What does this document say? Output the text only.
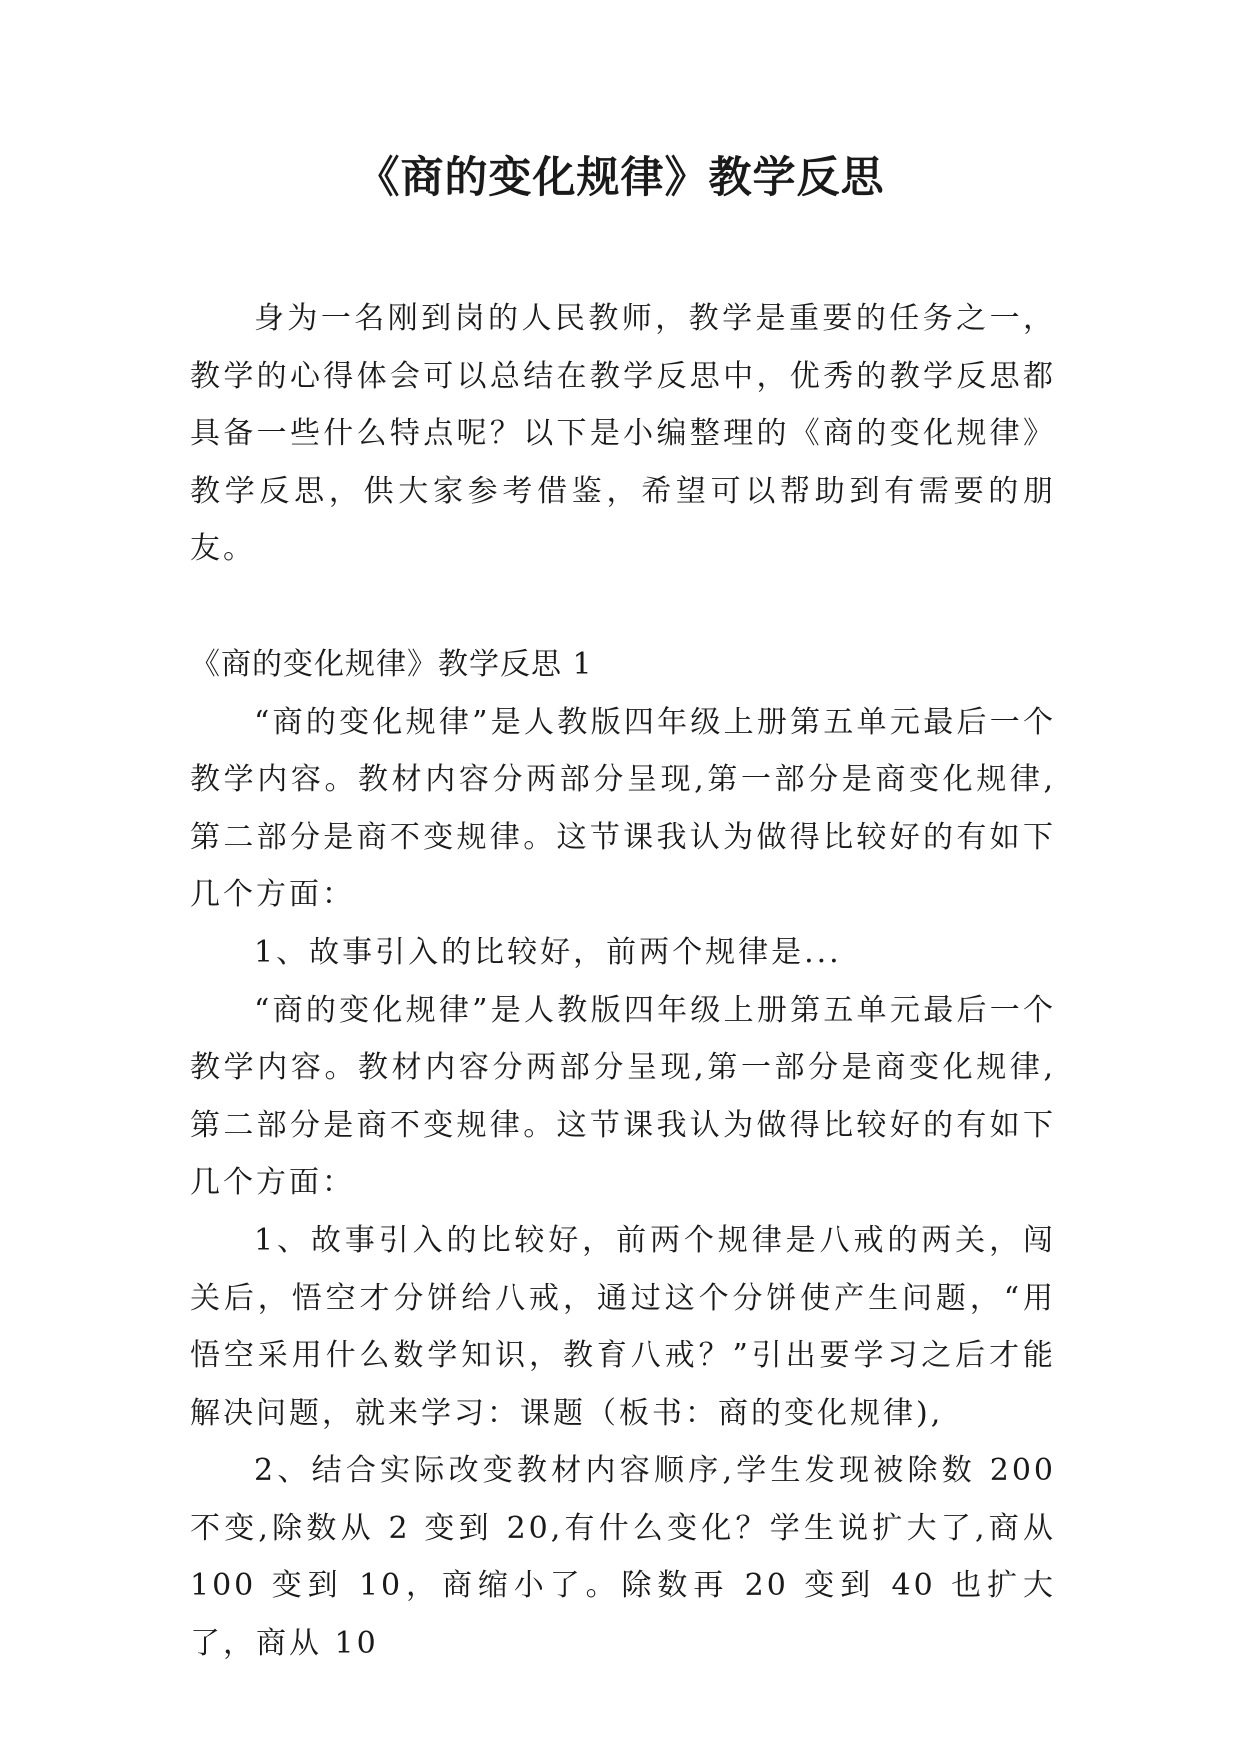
《商的变化规律》教学反思

身为一名刚到岗的人民教师，教学是重要的任务之一，教学的心得体会可以总结在教学反思中，优秀的教学反思都具备一些什么特点呢？以下是小编整理的《商的变化规律》教学反思，供大家参考借鉴，希望可以帮助到有需要的朋友。

《商的变化规律》教学反思 1

“商的变化规律”是人教版四年级上册第五单元最后一个教学内容。教材内容分两部分呈现,第一部分是商变化规律,第二部分是商不变规律。这节课我认为做得比较好的有如下几个方面：

1、故事引入的比较好，前两个规律是...

“商的变化规律”是人教版四年级上册第五单元最后一个教学内容。教材内容分两部分呈现,第一部分是商变化规律,第二部分是商不变规律。这节课我认为做得比较好的有如下几个方面：

1、故事引入的比较好，前两个规律是八戒的两关，闯关后，悟空才分饼给八戒，通过这个分饼使产生问题，“用悟空采用什么数学知识，教育八戒？”引出要学习之后才能解决问题，就来学习：课题（板书：商的变化规律),

2、结合实际改变教材内容顺序,学生发现被除数 200 不变,除数从 2 变到 20,有什么变化？学生说扩大了,商从 100 变到 10，商缩小了。除数再 20 变到 40 也扩大了，商从 10
